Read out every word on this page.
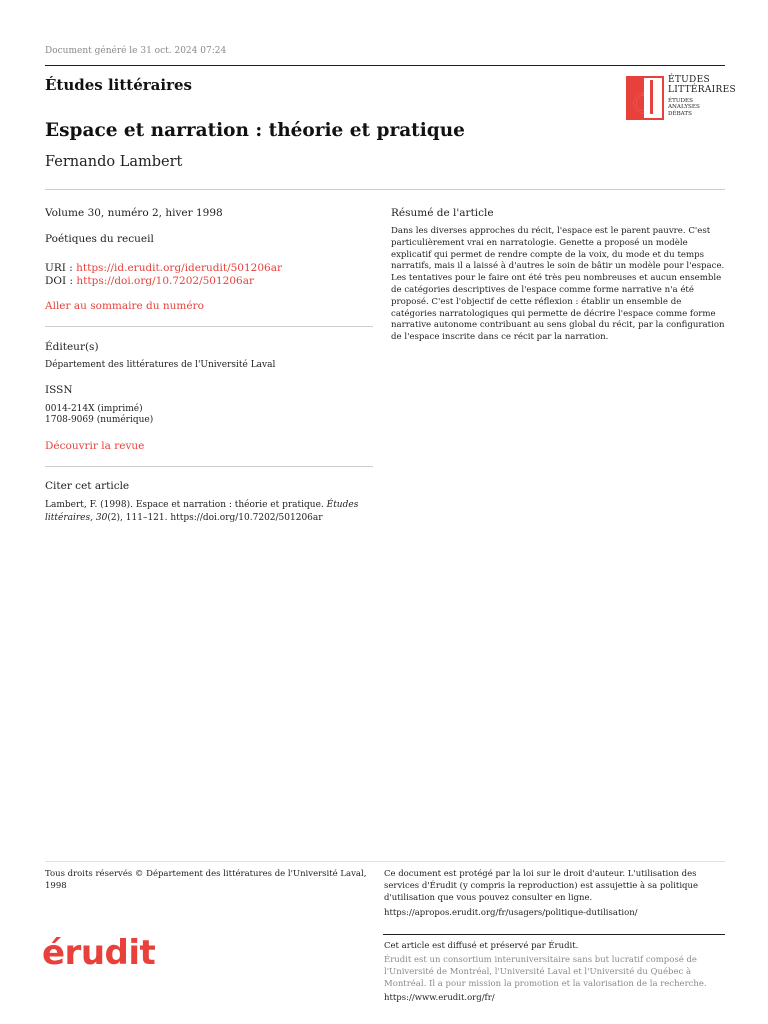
Document généré le 31 oct. 2024 07:24
Études littéraires	ÉTUDES
LITTÉRAIRES
ÉTUDES
ANALYSES
DÉBATS
Espace et narration : théorie et pratique
Fernando Lambert
Volume 30, numéro 2, hiver 1998
Poétiques du recueil
URI : https://id.erudit.org/iderudit/501206ar
DOI : https://doi.org/10.7202/501206ar
Aller au sommaire du numéro
Éditeur(s)
Département des littératures de l'Université Laval
ISSN
0014-214X (imprimé)
1708-9069 (numérique)
Découvrir la revue
Citer cet article
Lambert, F. (1998). Espace et narration : théorie et pratique. Études littéraires, 30(2), 111–121. https://doi.org/10.7202/501206ar
Résumé de l'article
Dans les diverses approches du récit, l'espace est le parent pauvre. C'est particulièrement vrai en narratologie. Genette a proposé un modèle explicatif qui permet de rendre compte de la voix, du mode et du temps narratifs, mais il a laissé à d'autres le soin de bâtir un modèle pour l'espace. Les tentatives pour le faire ont été très peu nombreuses et aucun ensemble de catégories descriptives de l'espace comme forme narrative n'a été proposé. C'est l'objectif de cette réflexion : établir un ensemble de catégories narratologiques qui permette de décrire l'espace comme forme narrative autonome contribuant au sens global du récit, par la configuration de l'espace inscrite dans ce récit par la narration.
Tous droits réservés © Département des littératures de l'Université Laval, 1998
Ce document est protégé par la loi sur le droit d'auteur. L'utilisation des services d'Érudit (y compris la reproduction) est assujettie à sa politique d'utilisation que vous pouvez consulter en ligne.
https://apropos.erudit.org/fr/usagers/politique-dutilisation/
érudit	Cet article est diffusé et préservé par Érudit.
Érudit est un consortium interuniversitaire sans but lucratif composé de l'Université de Montréal, l'Université Laval et l'Université du Québec à Montréal. Il a pour mission la promotion et la valorisation de la recherche.
https://www.erudit.org/fr/
